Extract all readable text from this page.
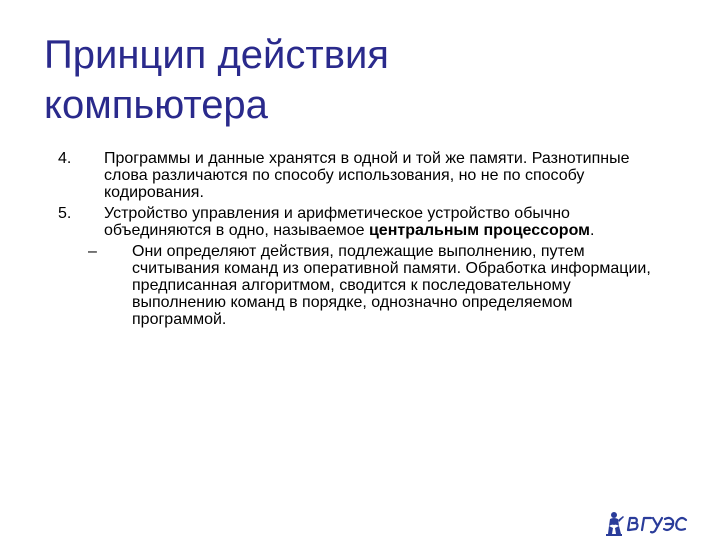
Принцип действия
компьютера
4.	Программы и данные хранятся в одной и той же памяти. Разнотипные слова различаются по способу использования, но не по способу кодирования.
5.	Устройство управления и арифметическое устройство обычно объединяются в одно, называемое центральным процессором.
–	Они определяют действия, подлежащие выполнению, путем считывания команд из оперативной памяти. Обработка информации, предписанная алгоритмом, сводится к последовательному выполнению команд в порядке, однозначно определяемом программой.
